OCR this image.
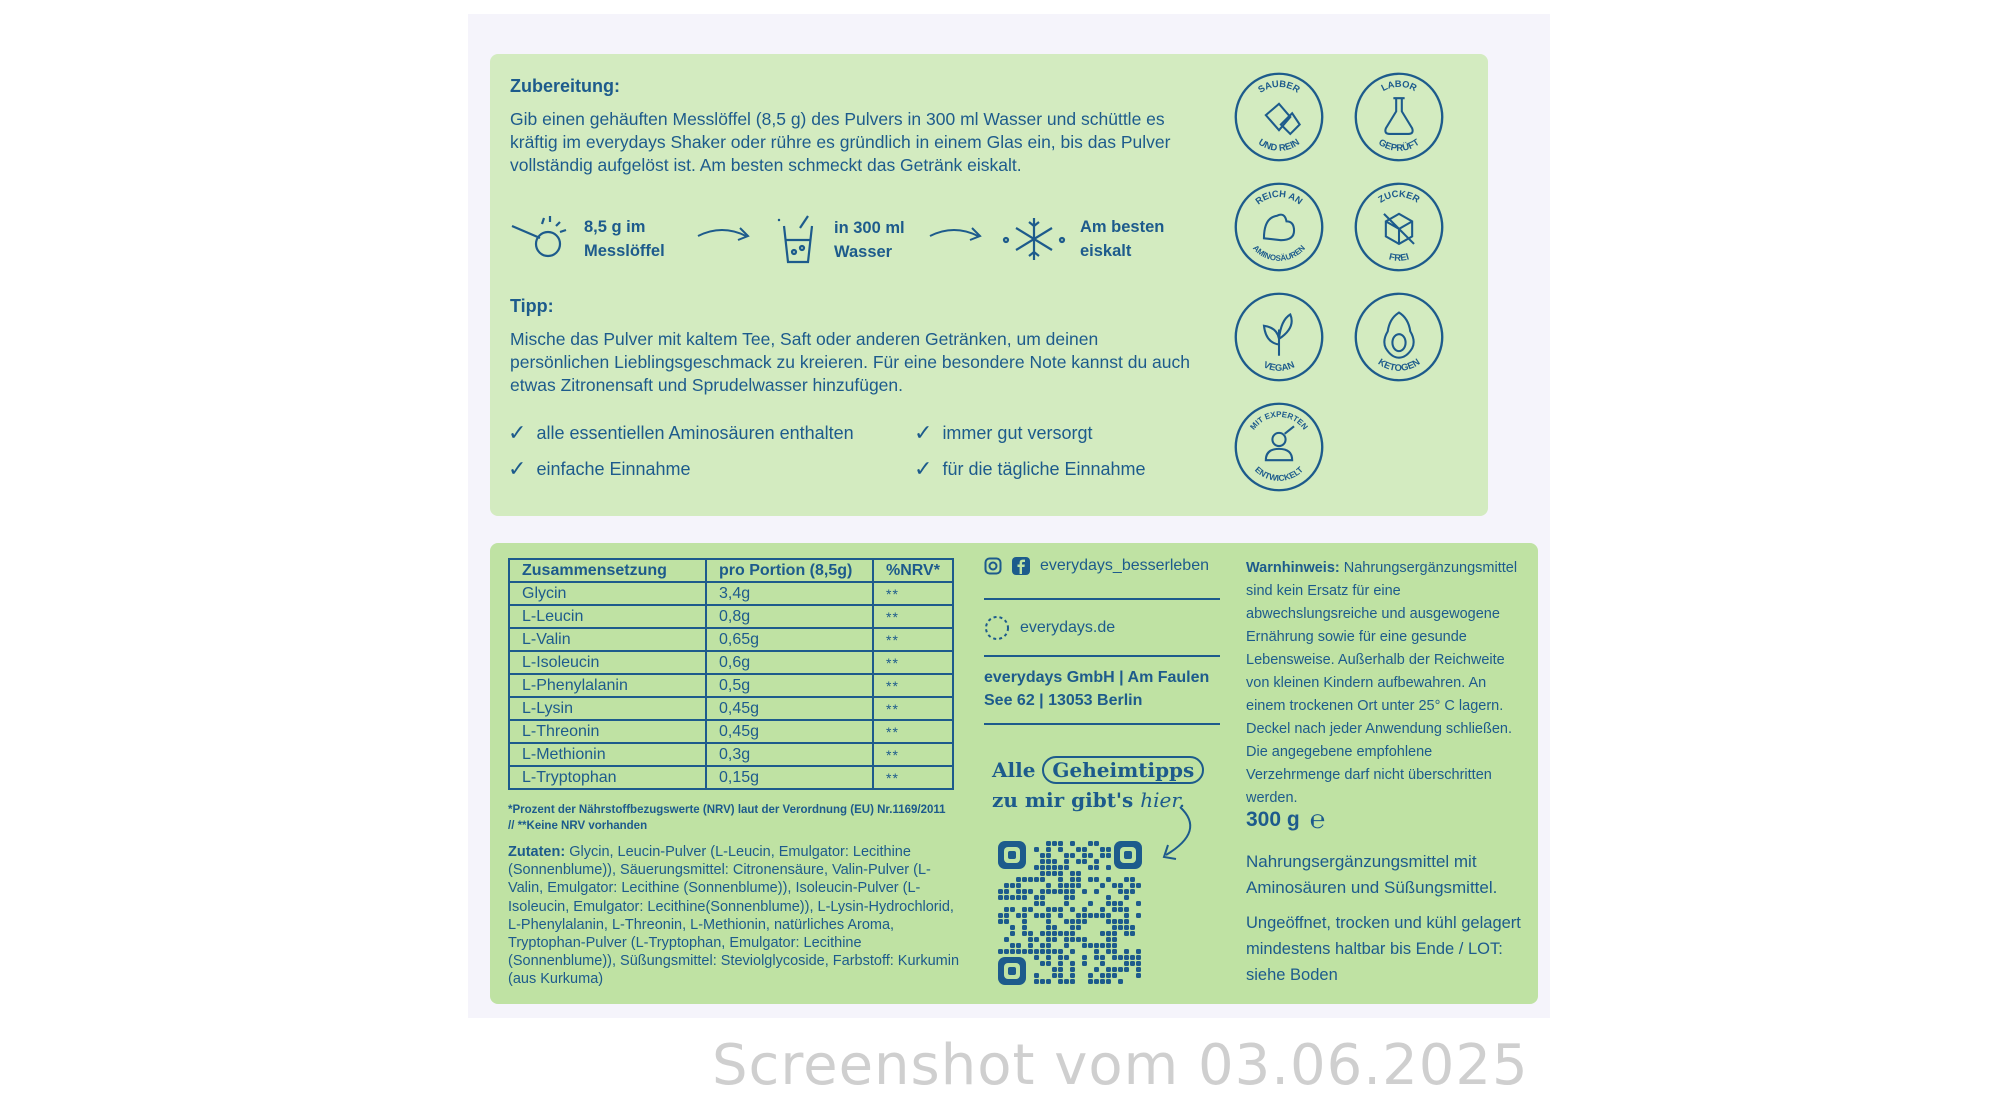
Zubereitung:
Gib einen gehäuften Messlöffel (8,5 g) des Pulvers in 300 ml Wasser und schüttle es kräftig im everydays Shaker oder rühre es gründlich in einem Glas ein, bis das Pulver vollständig aufgelöst ist. Am besten schmeckt das Getränk eiskalt.
8,5 g im Messlöffel
in 300 ml Wasser
Am besten eiskalt
Tipp:
Mische das Pulver mit kaltem Tee, Saft oder anderen Getränken, um deinen persönlichen Lieblingsgeschmack zu kreieren. Für eine besondere Note kannst du auch etwas Zitronensaft und Sprudelwasser hinzufügen.
✓ alle essentiellen Aminosäuren enthalten	✓ immer gut versorgt
✓ einfache Einnahme	✓ für die tägliche Einnahme
SAUBER
UND REIN
LABOR
GEPRÜFT
REICH AN
AMINOSÄUREN
ZUCKER
FREI
VEGAN	KETOGEN
MIT EXPERTEN
ENTWICKELT
Zusammensetzung	pro Portion (8,5g)	%NRV*
Glycin	3,4g	**
L-Leucin	0,8g	**
L-Valin	0,65g	**
L-Isoleucin	0,6g	**
L-Phenylalanin	0,5g	**
L-Lysin	0,45g	**
L-Threonin	0,45g	**
L-Methionin	0,3g	**
L-Tryptophan	0,15g	**
*Prozent der Nährstoffbezugswerte (NRV) laut der Verordnung (EU) Nr.1169/2011 // **Keine NRV vorhanden
Zutaten: Glycin, Leucin-Pulver (L-Leucin, Emulgator: Lecithine (Sonnenblume)), Säuerungsmittel: Citronensäure, Valin-Pulver (L-Valin, Emulgator: Lecithine (Sonnenblume)), Isoleucin-Pulver (L- Isoleucin, Emulgator: Lecithine(Sonnenblume)), L-Lysin-Hydrochlorid, L-Phenylalanin, L-Threonin, L-Methionin, natürliches Aroma, Tryptophan-Pulver (L-Tryptophan, Emulgator: Lecithine (Sonnenblume)), Süßungsmittel: Steviolglycoside, Farbstoff: Kurkumin (aus Kurkuma)
everydays_besserleben
everydays.de
everydays GmbH | Am Faulen
See 62 | 13053 Berlin
Alle Geheimtipps
zu mir gibt's hier.
Warnhinweis: Nahrungsergänzungsmittel sind kein Ersatz für eine abwechslungsreiche und ausgewogene Ernährung sowie für eine gesunde Lebensweise. Außerhalb der Reichweite von kleinen Kindern aufbewahren. An einem trockenen Ort unter 25° C lagern. Deckel nach jeder Anwendung schließen. Die angegebene empfohlene Verzehrmenge darf nicht überschritten werden.
300 g ℮
Nahrungsergänzungsmittel mit Aminosäuren und Süßungsmittel.
Ungeöffnet, trocken und kühl gelagert mindestens haltbar bis Ende / LOT: siehe Boden
Screenshot vom 03.06.2025
